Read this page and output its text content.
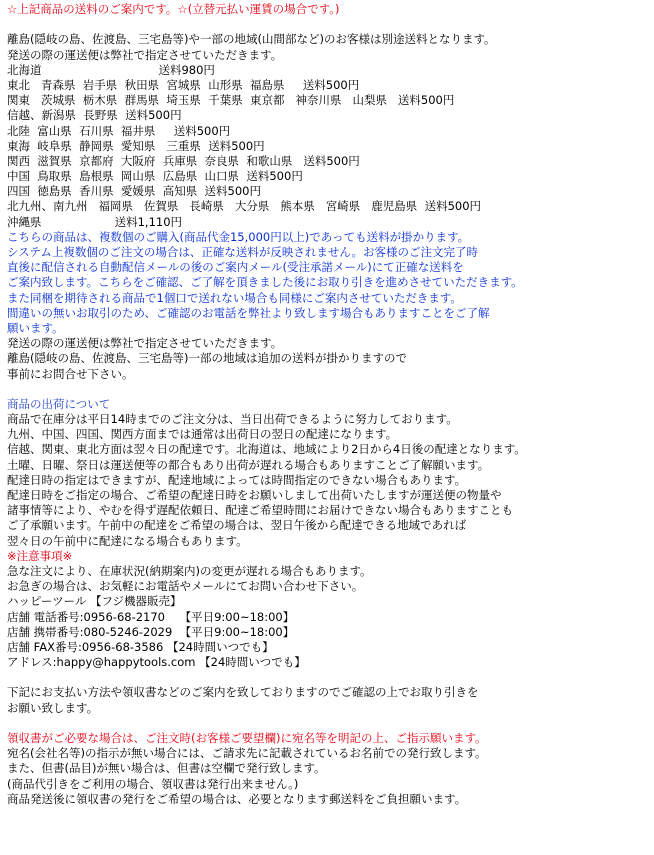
☆上記商品の送料のご案内です。☆(立替元払い運賃の場合です。)
離島(隠岐の島、佐渡島、三宅島等)や一部の地域(山間部など)のお客様は別途送料となります。
発送の際の運送便は弊社で指定させていただきます。
北海道                                送料980円
東北   青森県  岩手県  秋田県  宮城県  山形県  福島県     送料500円
関東   茨城県  栃木県  群馬県  埼玉県  千葉県  東京都   神奈川県   山梨県   送料500円
信越、新潟県  長野県  送料500円
北陸  富山県  石川県  福井県     送料500円
東海  岐阜県  静岡県  愛知県   三重県  送料500円
関西  滋賀県  京都府  大阪府  兵庫県  奈良県  和歌山県   送料500円
中国  鳥取県  島根県  岡山県  広島県  山口県  送料500円
四国  徳島県  香川県  愛媛県  高知県  送料500円
北九州、南九州   福岡県   佐賀県   長崎県   大分県   熊本県   宮崎県   鹿児島県  送料500円
沖縄県                    送料1,110円
こちらの商品は、複数個のご購入(商品代金15,000円以上)であっても送料が掛かります。
システム上複数個のご注文の場合は、正確な送料が反映されません。お客様のご注文完了時
直後に配信される自動配信メールの後のご案内メール(受注承諾メール)にて正確な送料を
ご案内致します。こちらをご確認、ご了解を頂きました後にお取り引きを進めさせていただきます。
また同梱を期待される商品で1個口で送れない場合も同様にご案内させていただきます。
間違いの無いお取引のため、ご確認のお電話を弊社より致します場合もありますことをご了解
願います。
発送の際の運送便は弊社で指定させていただきます。
離島(隠岐の島、佐渡島、三宅島等)一部の地域は追加の送料が掛かりますので
事前にお問合せ下さい。
商品の出荷について
商品で在庫分は平日14時までのご注文分は、当日出荷できるように努力しております。
九州、中国、四国、関西方面までは通常は出荷日の翌日の配達になります。
信越、関東、東北方面は翌々日の配達です。北海道は、地域により2日から4日後の配達となります。
土曜、日曜、祭日は運送便等の都合もあり出荷が遅れる場合もありますことご了解願います。
配達日時の指定はできますが、配達地域によっては時間指定のできない場合もあります。
配達日時をご指定の場合、ご希望の配達日時をお願いしまして出荷いたしますが運送便の物量や
諸事情等により、やむを得ず遅配依頼日、配達ご希望時間にお届けできない場合もありますことも
ご了承願います。午前中の配達をご希望の場合は、翌日午後から配達できる地域であれば
翌々日の午前中に配達になる場合もあります。
※注意事項※
急な注文により、在庫状況(納期案内)の変更が遅れる場合もあります。
お急ぎの場合は、お気軽にお電話やメールにてお問い合わせ下さい。
ハッピーツール 【フジ機器販売】
店舗 電話番号:0956-68-2170    【平日9:00~18:00】
店舗 携帯番号:080-5246-2029  【平日9:00~18:00】
店舗 FAX番号:0956-68-3586 【24時間いつでも】
アドレス:happy@happytools.com 【24時間いつでも】
下記にお支払い方法や領収書などのご案内を致しておりますのでご確認の上でお取り引きを
お願い致します。
領収書がご必要な場合は、ご注文時(お客様ご要望欄)に宛名等を明記の上、ご指示願います。
宛名(会社名等)の指示が無い場合には、ご請求先に記載されているお名前での発行致します。
また、但書(品目)が無い場合は、但書は空欄で発行致します。
(商品代引きをご利用の場合、領収書は発行出来ません。)
商品発送後に領収書の発行をご希望の場合は、必要となります郵送料をご負担願います。
